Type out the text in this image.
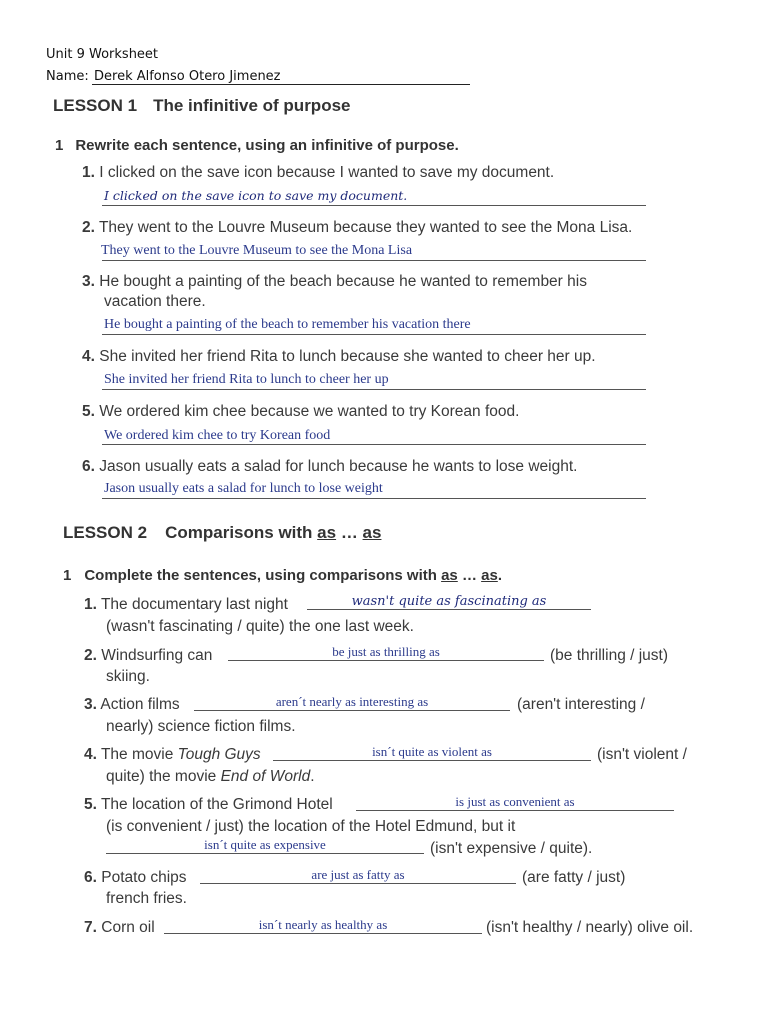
Unit 9 Worksheet
Name: Derek Alfonso Otero Jimenez
LESSON 1 The infinitive of purpose
1 Rewrite each sentence, using an infinitive of purpose.
1. I clicked on the save icon because I wanted to save my document.
I clicked on the save icon to save my document.
2. They went to the Louvre Museum because they wanted to see the Mona Lisa.
They went to the Louvre Museum to see the Mona Lisa
3. He bought a painting of the beach because he wanted to remember his
vacation there.
He bought a painting of the beach to remember his vacation there
4. She invited her friend Rita to lunch because she wanted to cheer her up.
She invited her friend Rita to lunch to cheer her up
5. We ordered kim chee because we wanted to try Korean food.
We ordered kim chee to try Korean food
6. Jason usually eats a salad for lunch because he wants to lose weight.
Jason usually eats a salad for lunch to lose weight
LESSON 2 Comparisons with as … as
1 Complete the sentences, using comparisons with as … as.
1. The documentary last night	wasn't quite as fascinating as
(wasn't fascinating / quite) the one last week.
2. Windsurfing can	be just as thrilling as	(be thrilling / just)
skiing.
3. Action films	aren´t nearly as interesting as	(aren't interesting /
nearly) science fiction films.
4. The movie Tough Guys	isn´t quite as violent as	(isn't violent /
quite) the movie End of World.
5. The location of the Grimond Hotel	is just as convenient as
(is convenient / just) the location of the Hotel Edmund, but it
isn´t quite as expensive	(isn't expensive / quite).
6. Potato chips	are just as fatty as	(are fatty / just)
french fries.
7. Corn oil	isn´t nearly as healthy as	(isn't healthy / nearly) olive oil.
